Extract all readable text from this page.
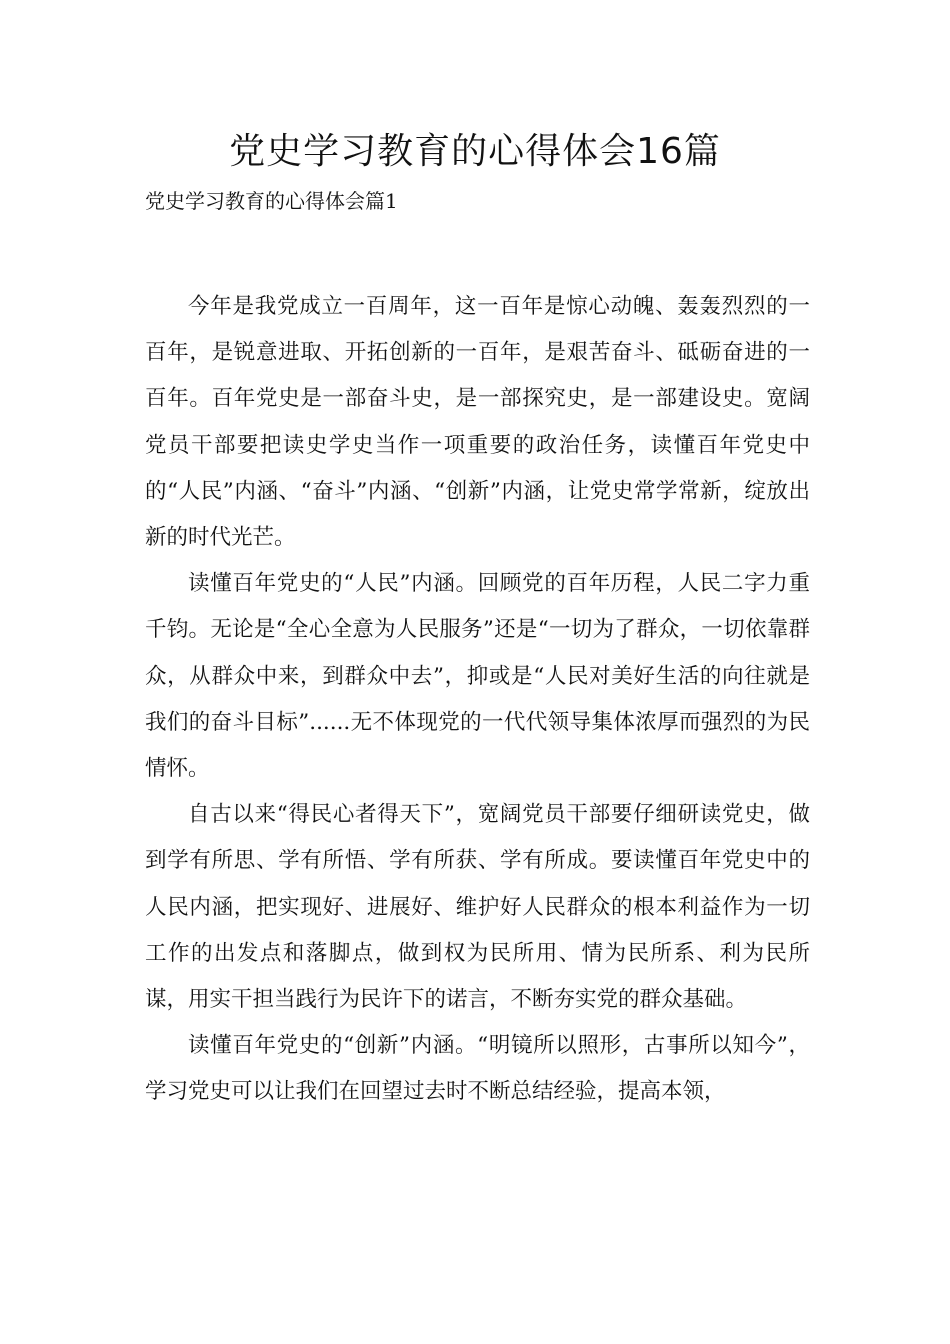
党史学习教育的心得体会16篇
党史学习教育的心得体会篇1

今年是我党成立一百周年，这一百年是惊心动魄、轰轰烈烈的一百年，是锐意进取、开拓创新的一百年，是艰苦奋斗、砥砺奋进的一百年。百年党史是一部奋斗史，是一部探究史，是一部建设史。宽阔党员干部要把读史学史当作一项重要的政治任务，读懂百年党史中的“人民”内涵、“奋斗”内涵、“创新”内涵，让党史常学常新，绽放出新的时代光芒。

读懂百年党史的“人民”内涵。回顾党的百年历程，人民二字力重千钧。无论是“全心全意为人民服务”还是“一切为了群众，一切依靠群众，从群众中来，到群众中去”，抑或是“人民对美好生活的向往就是我们的奋斗目标”......无不体现党的一代代领导集体浓厚而强烈的为民情怀。

自古以来“得民心者得天下”，宽阔党员干部要仔细研读党史，做到学有所思、学有所悟、学有所获、学有所成。要读懂百年党史中的人民内涵，把实现好、进展好、维护好人民群众的根本利益作为一切工作的出发点和落脚点，做到权为民所用、情为民所系、利为民所谋，用实干担当践行为民许下的诺言，不断夯实党的群众基础。

读懂百年党史的“创新”内涵。“明镜所以照形，古事所以知今”，学习党史可以让我们在回望过去时不断总结经验，提高本领，
